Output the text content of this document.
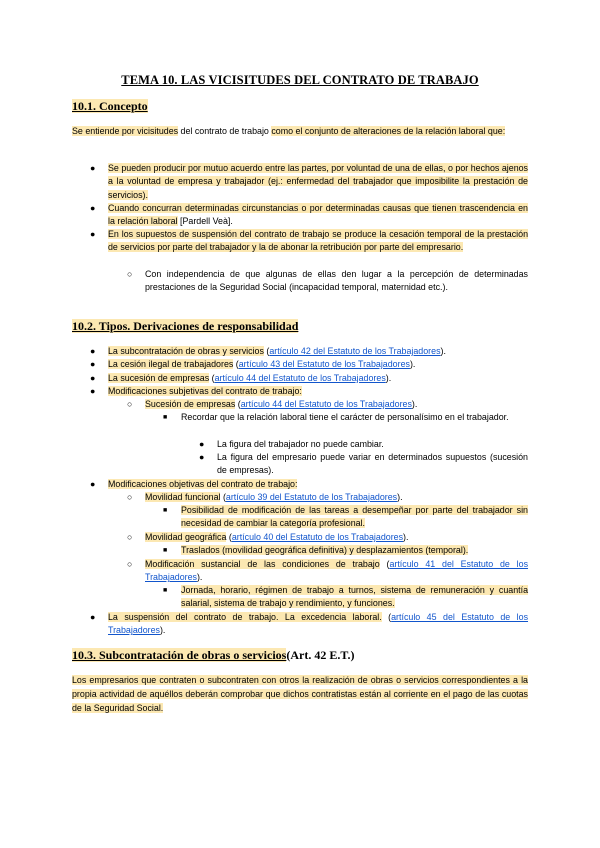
TEMA 10. LAS VICISITUDES DEL CONTRATO DE TRABAJO
10.1. Concepto
Se entiende por vicisitudes del contrato de trabajo como el conjunto de alteraciones de la relación laboral que:
● Se pueden producir por mutuo acuerdo entre las partes, por voluntad de una de ellas, o por hechos ajenos a la voluntad de empresa y trabajador (ej.: enfermedad del trabajador que imposibilite la prestación de servicios).
● Cuando concurran determinadas circunstancias o por determinadas causas que tienen trascendencia en la relación laboral [Pardell Veà].
● En los supuestos de suspensión del contrato de trabajo se produce la cesación temporal de la prestación de servicios por parte del trabajador y la de abonar la retribución por parte del empresario.
○ Con independencia de que algunas de ellas den lugar a la percepción de determinadas prestaciones de la Seguridad Social (incapacidad temporal, maternidad etc.).
10.2. Tipos. Derivaciones de responsabilidad
● La subcontratación de obras y servicios (artículo 42 del Estatuto de los Trabajadores).
● La cesión ilegal de trabajadores (artículo 43 del Estatuto de los Trabajadores).
● La sucesión de empresas (artículo 44 del Estatuto de los Trabajadores).
● Modificaciones subjetivas del contrato de trabajo:
○ Sucesión de empresas (artículo 44 del Estatuto de los Trabajadores).
■ Recordar que la relación laboral tiene el carácter de personalísimo en el trabajador.
● La figura del trabajador no puede cambiar.
● La figura del empresario puede variar en determinados supuestos (sucesión de empresas).
● Modificaciones objetivas del contrato de trabajo:
○ Movilidad funcional (artículo 39 del Estatuto de los Trabajadores).
■ Posibilidad de modificación de las tareas a desempeñar por parte del trabajador sin necesidad de cambiar la categoría profesional.
○ Movilidad geográfica (artículo 40 del Estatuto de los Trabajadores).
■ Traslados (movilidad geográfica definitiva) y desplazamientos (temporal).
○ Modificación sustancial de las condiciones de trabajo (artículo 41 del Estatuto de los Trabajadores).
■ Jornada, horario, régimen de trabajo a turnos, sistema de remuneración y cuantía salarial, sistema de trabajo y rendimiento, y funciones.
● La suspensión del contrato de trabajo. La excedencia laboral. (artículo 45 del Estatuto de los Trabajadores).
10.3. Subcontratación de obras o servicios(Art. 42 E.T.)
Los empresarios que contraten o subcontraten con otros la realización de obras o servicios correspondientes a la propia actividad de aquéllos deberán comprobar que dichos contratistas están al corriente en el pago de las cuotas de la Seguridad Social.
